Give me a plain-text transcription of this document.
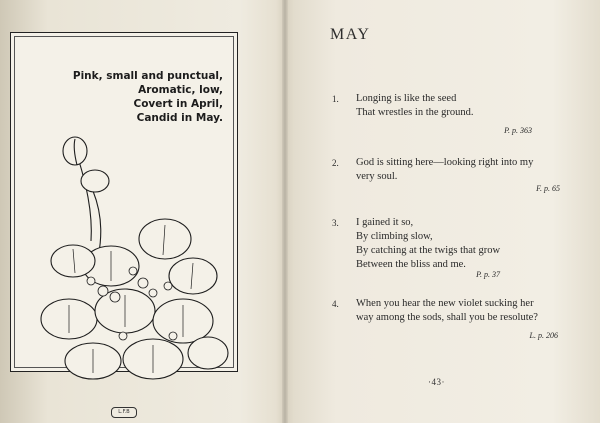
Pink, small and punctual,
Aromatic, low,
Covert in April,
Candid in May.
L.F.B
MAY
1. Longing is like the seed
That wrestles in the ground.
P. p. 363
2. God is sitting here—looking right into my
very soul.
F. p. 65
3. I gained it so,
By climbing slow,
By catching at the twigs that grow
Between the bliss and me.
P. p. 37
4. When you hear the new violet sucking her
way among the sods, shall you be resolute?
L. p. 206
·43·
